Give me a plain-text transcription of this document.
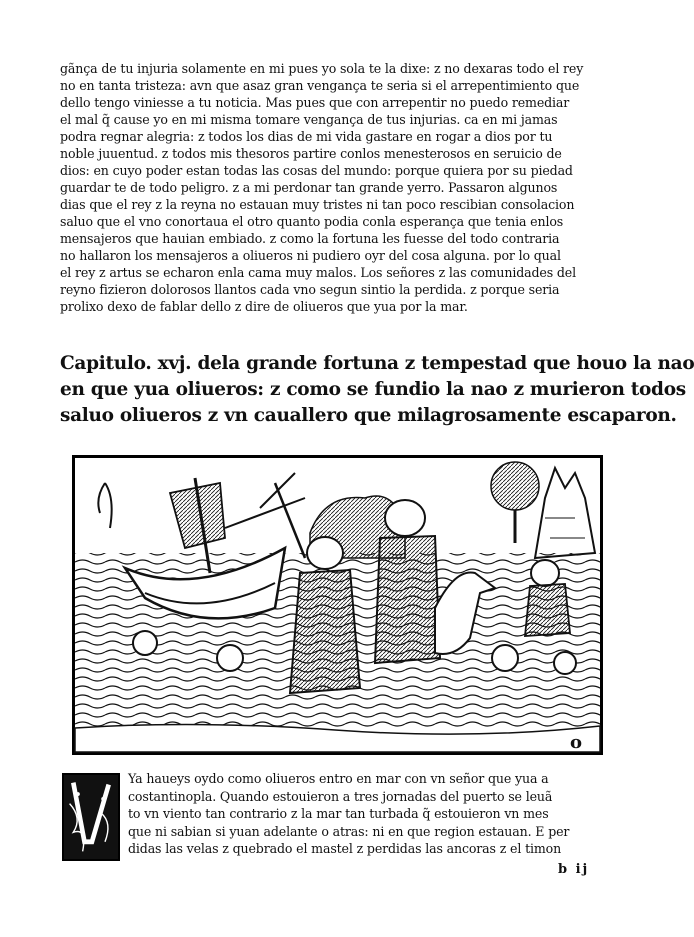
gãnça de tu injuria solamente en mi pues yo sola te la dixe: z no dexaras todo el rey
no en tanta tristeza: avn que asaz gran vengança te seria si el arrepentimiento que
dello tengo viniesse a tu noticia. Mas pues que con arrepentir no puedo remediar
el mal q̃ cause yo en mi misma tomare vengança de tus injurias. ca en mi jamas
podra regnar alegria: z todos los dias de mi vida gastare en rogar a dios por tu
noble juuentud. z todos mis thesoros partire conlos menesterosos en seruicio de
dios: en cuyo poder estan todas las cosas del mundo: porque quiera por su piedad
guardar te de todo peligro. z a mi perdonar tan grande yerro. Passaron algunos
dias que el rey z la reyna no estauan muy tristes ni tan poco rescibian consolacion
saluo que el vno conortaua el otro quanto podia conla esperança que tenia enlos
mensajeros que hauian embiado. z como la fortuna les fuesse del todo contraria
no hallaron los mensajeros a oliueros ni pudiero oyr del cosa alguna. por lo qual
el rey z artus se echaron enla cama muy malos. Los señores z las comunidades del
reyno fizieron dolorosos llantos cada vno segun sintio la perdida. z porque seria
prolixo dexo de fablar dello z dire de oliueros que yua por la mar.
Capitulo. xvj. dela grande fortuna z tempestad que houo la nao
en que yua oliueros: z como se fundio la nao z murieron todos
saluo oliueros z vn cauallero que milagrosamente escaparon.
o
Ya haueys oydo como oliueros entro en mar con vn señor que yua a
costantinopla. Quando estouieron a tres jornadas del puerto se leuã
to vn viento tan contrario z la mar tan turbada q̃ estouieron vn mes
que ni sabian si yuan adelante o atras: ni en que region estauan. E per
didas las velas z quebrado el mastel z perdidas las ancoras z el timon
b ij
